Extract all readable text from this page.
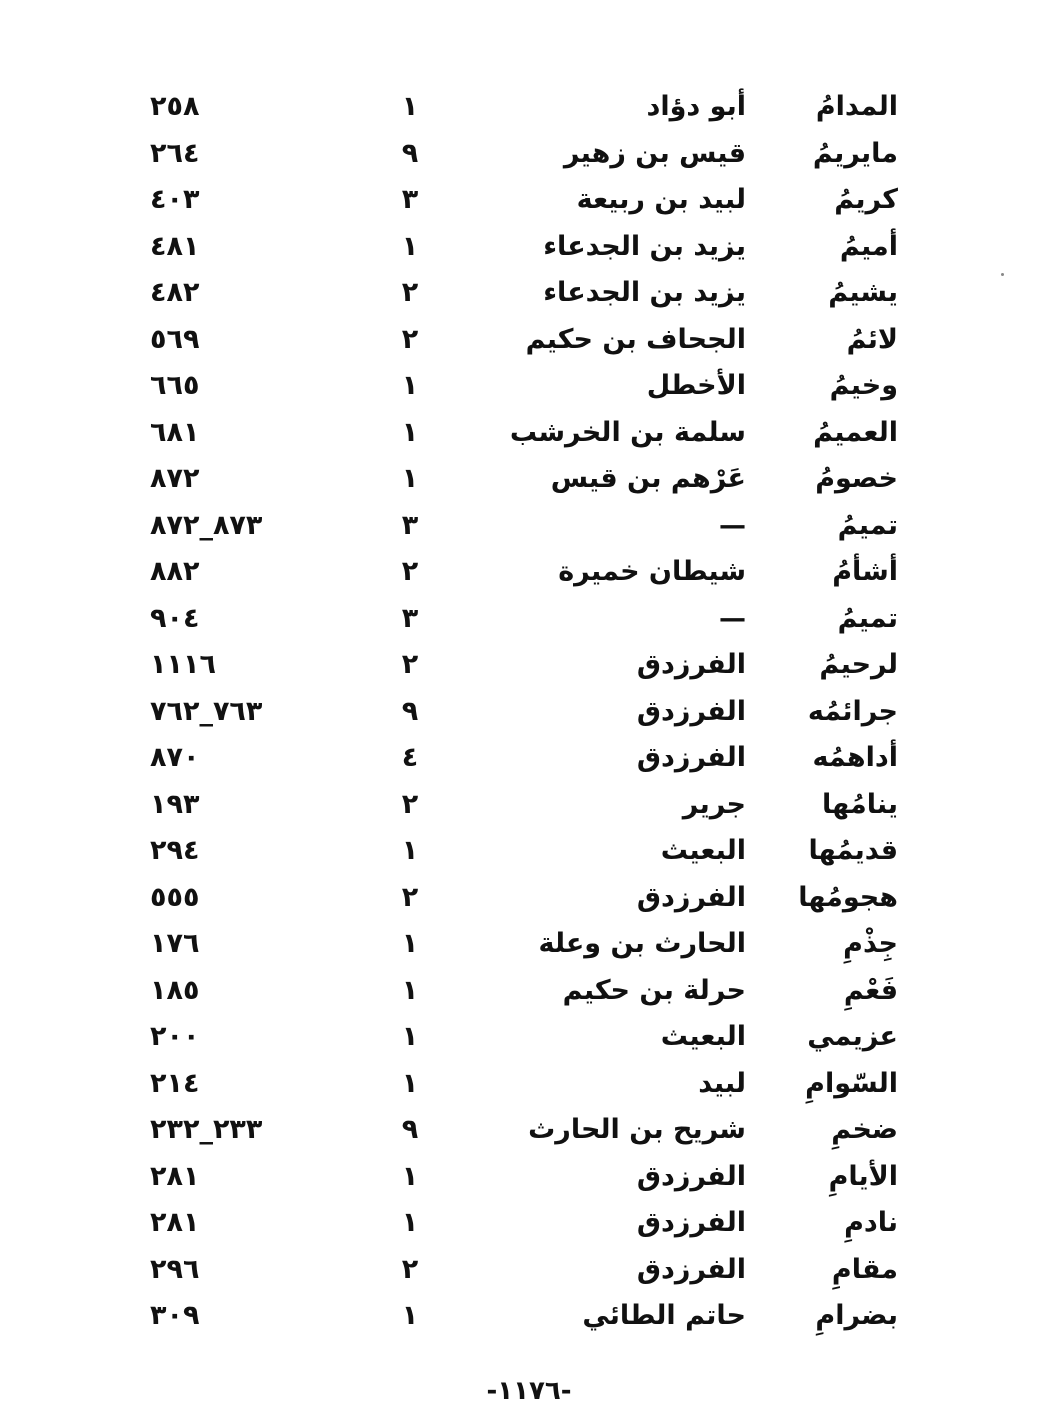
المدامُ
أبو دؤاد
١
٢٥٨
مايريمُ
قيس بن زهير
٩
٢٦٤
كريمُ
لبيد بن ربيعة
٣
٤٠٣
أميمُ
يزيد بن الجدعاء
١
٤٨١
يشيمُ
يزيد بن الجدعاء
٢
٤٨٢
لائمُ
الجحاف بن حكيم
٢
٥٦٩
وخيمُ
الأخطل
١
٦٦٥
العميمُ
سلمة بن الخرشب
١
٦٨١
خصومُ
عَرْهم بن قيس
١
٨٧٢
تميمُ
—
٣
٨٧٣_٨٧٢
أشأمُ
شيطان خميرة
٢
٨٨٢
تميمُ
—
٣
٩٠٤
لرحيمُ
الفرزدق
٢
١١١٦
جرائمُه
الفرزدق
٩
٧٦٣_٧٦٢
أداهمُه
الفرزدق
٤
٨٧٠
ينامُها
جرير
٢
١٩٣
قديمُها
البعيث
١
٢٩٤
هجومُها
الفرزدق
٢
٥٥٥
جِذْمِ
الحارث بن وعلة
١
١٧٦
فَعْمِ
حرلة بن حكيم
١
١٨٥
عزيمي
البعيث
١
٢٠٠
السّوامِ
لبيد
١
٢١٤
ضخمِ
شريح بن الحارث
٩
٢٣٣_٢٣٢
الأيامِ
الفرزدق
١
٢٨١
نادمِ
الفرزدق
١
٢٨١
مقامِ
الفرزدق
٢
٢٩٦
بضرامِ
حاتم الطائي
١
٣٠٩
-١١٧٦-
